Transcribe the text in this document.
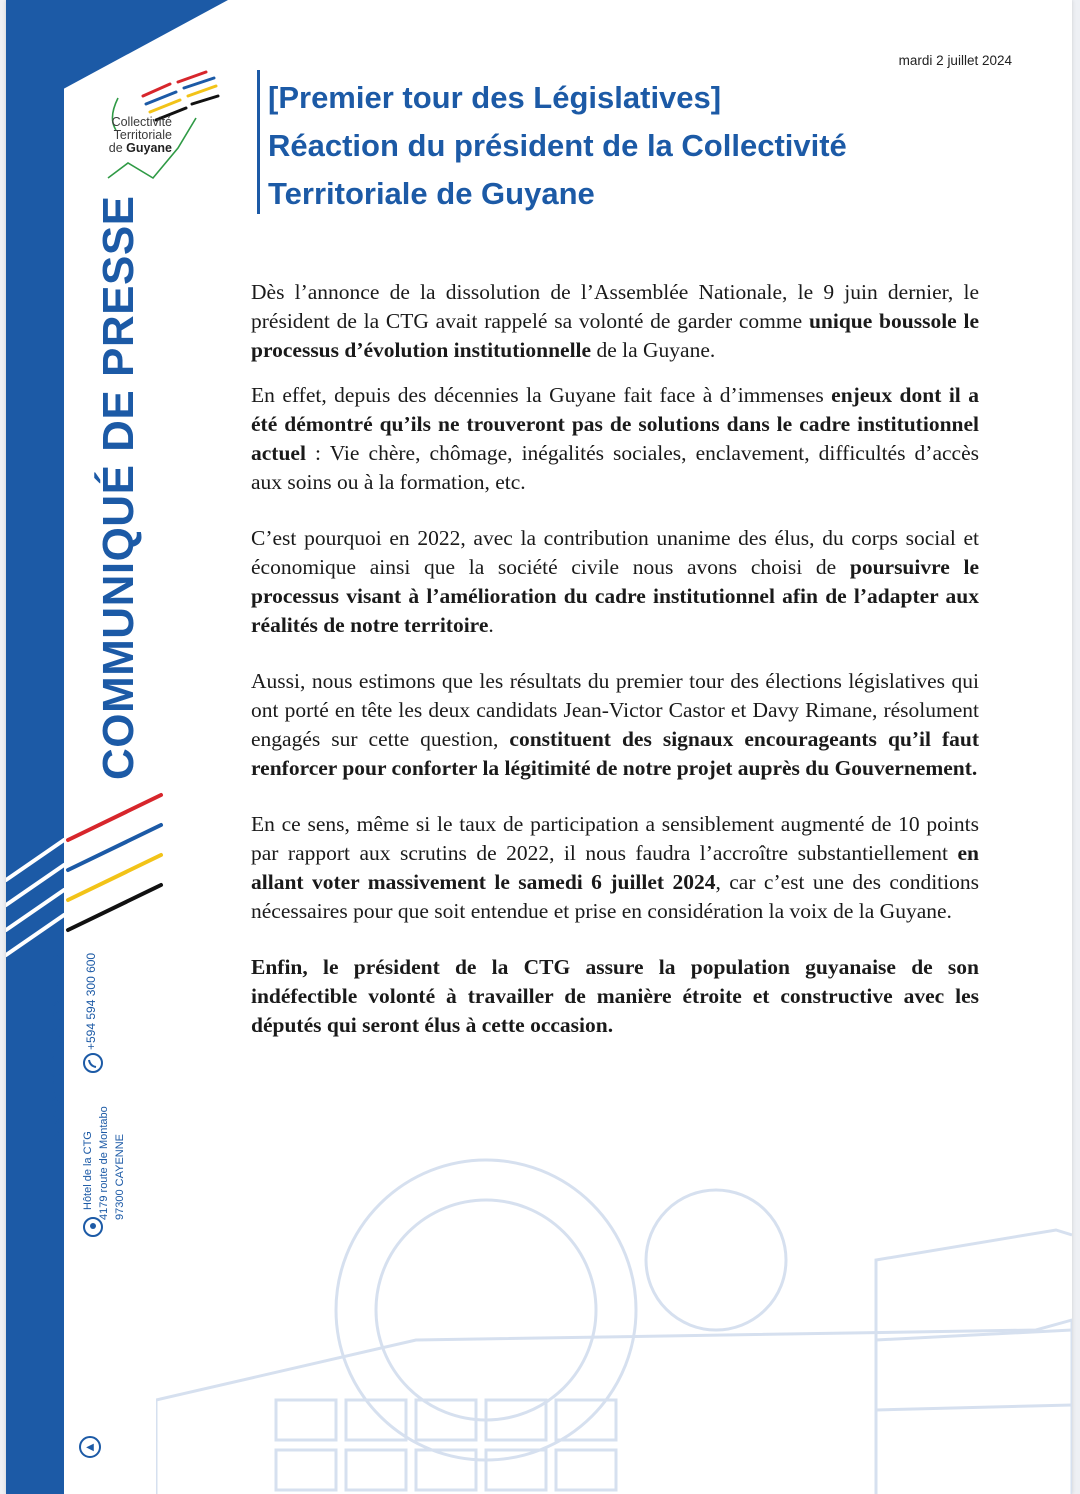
Collectivité
Territoriale
de Guyane
COMMUNIQUÉ DE PRESSE
WWW.CTGUYANE.FR +594 594 300 600
Hôtel de la CTG 4179 route de Montabo 97300 CAYENNE
◀
mardi 2 juillet 2024
[Premier tour des Législatives]
Réaction du président de la Collectivité
Territoriale de Guyane

Dès l’annonce de la dissolution de l’Assemblée Nationale, le 9 juin dernier, le président de la CTG avait rappelé sa volonté de garder comme unique boussole le processus d’évolution institutionnelle de la Guyane.

En effet, depuis des décennies la Guyane fait face à d’immenses enjeux dont il a été démontré qu’ils ne trouveront pas de solutions dans le cadre institutionnel actuel : Vie chère, chômage, inégalités sociales, enclavement, difficultés d’accès aux soins ou à la formation, etc.

C’est pourquoi en 2022, avec la contribution unanime des élus, du corps social et économique ainsi que la société civile nous avons choisi de poursuivre le processus visant à l’amélioration du cadre institutionnel afin de l’adapter aux réalités de notre territoire.

Aussi, nous estimons que les résultats du premier tour des élections législatives qui ont porté en tête les deux candidats Jean-Victor Castor et Davy Rimane, résolument engagés sur cette question, constituent des signaux encourageants qu’il faut renforcer pour conforter la légitimité de notre projet auprès du Gouvernement.

En ce sens, même si le taux de participation a sensiblement augmenté de 10 points par rapport aux scrutins de 2022, il nous faudra l’accroître substantiellement en allant voter massivement le samedi 6 juillet 2024, car c’est une des conditions nécessaires pour que soit entendue et prise en considération la voix de la Guyane.

Enfin, le président de la CTG assure la population guyanaise de son indéfectible volonté à travailler de manière étroite et constructive avec les députés qui seront élus à cette occasion.
